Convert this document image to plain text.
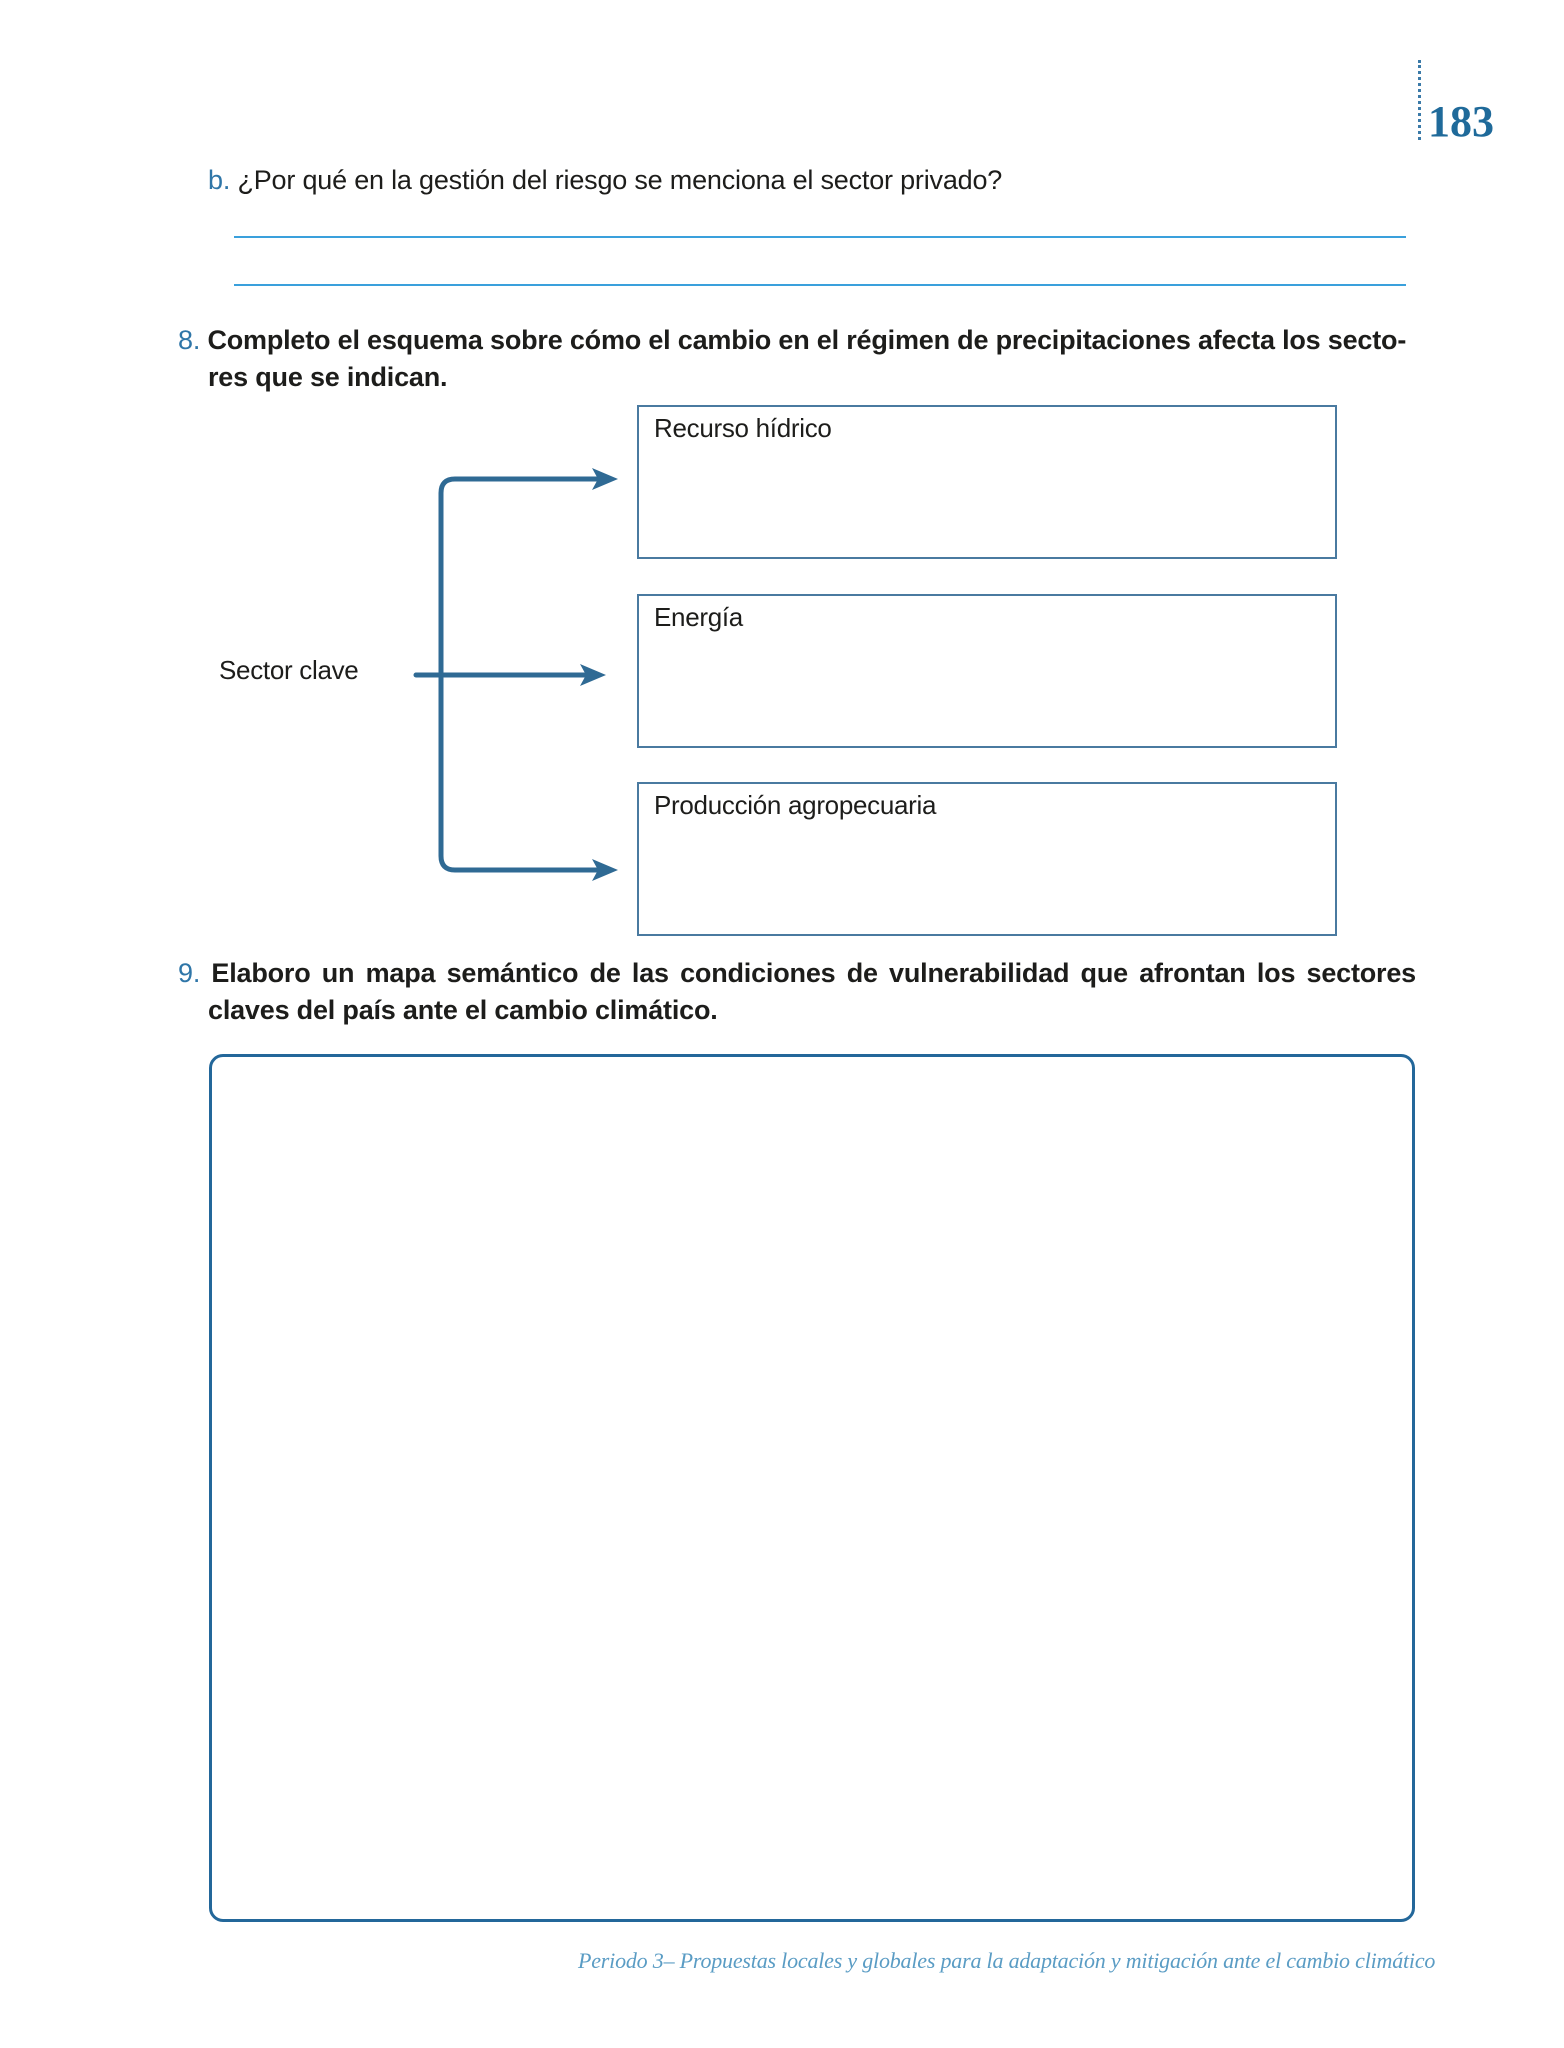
183
b. ¿Por qué en la gestión del riesgo se menciona el sector privado?
8. Completo el esquema sobre cómo el cambio en el régimen de precipitaciones afecta los secto-
res que se indican.
Sector clave
Recurso hídrico
Energía
Producción agropecuaria
9. Elaboro un mapa semántico de las condiciones de vulnerabilidad que afrontan los sectores
claves del país ante el cambio climático.
Periodo 3– Propuestas locales y globales para la adaptación y mitigación ante el cambio climático
